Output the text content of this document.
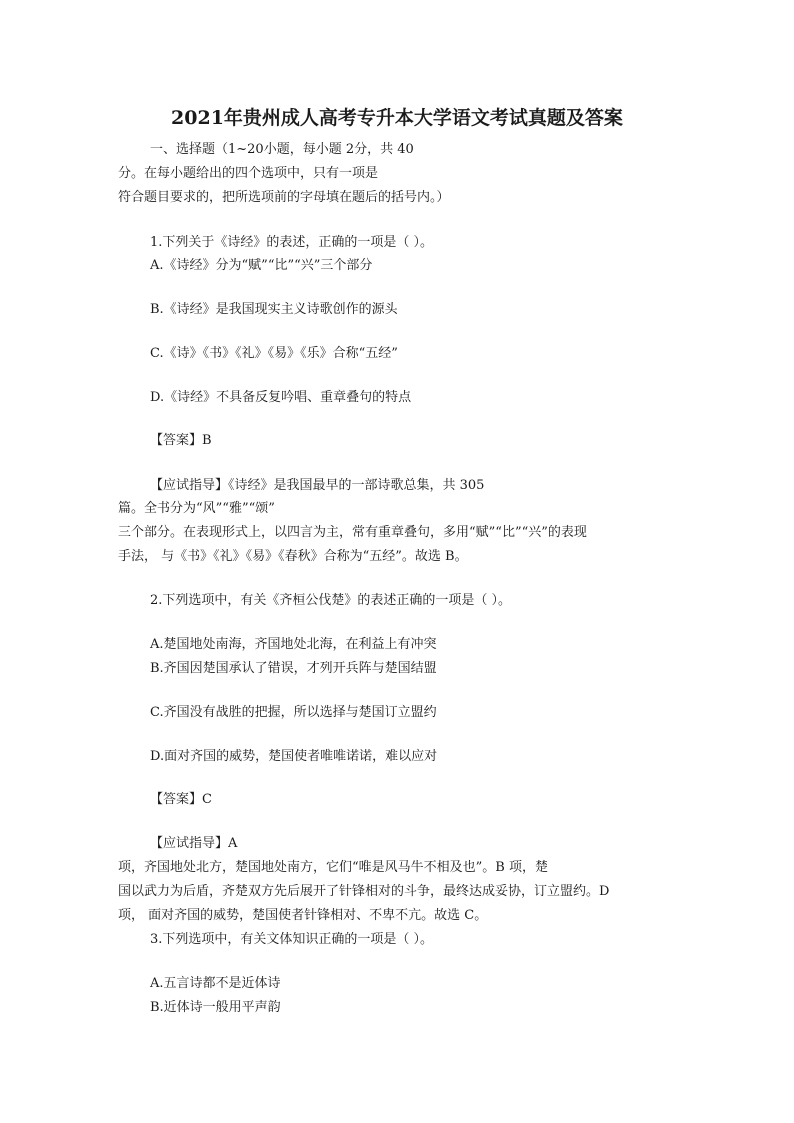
2021年贵州成人高考专升本大学语文考试真题及答案
一、选择题（1~20小题，每小题 2分，共 40
分。在每小题给出的四个选项中，只有一项是
符合题目要求的，把所选项前的字母填在题后的括号内。）
1.下列关于《诗经》的表述，正确的一项是（ ）。
A.《诗经》分为“赋”“比”“兴”三个部分
B.《诗经》是我国现实主义诗歌创作的源头
C.《诗》《书》《礼》《易》《乐》合称“五经”
D.《诗经》不具备反复吟唱、重章叠句的特点
【答案】B
【应试指导】《诗经》是我国最早的一部诗歌总集，共 305
篇。全书分为“风”“雅”“颂”
三个部分。在表现形式上，以四言为主，常有重章叠句，多用“赋”“比”“兴”的表现
手法， 与《书》《礼》《易》《春秋》合称为“五经”。故选 B。
2.下列选项中，有关《齐桓公伐楚》的表述正确的一项是（ ）。
A.楚国地处南海，齐国地处北海，在利益上有冲突
B.齐国因楚国承认了错误，才列开兵阵与楚国结盟
C.齐国没有战胜的把握，所以选择与楚国订立盟约
D.面对齐国的威势，楚国使者唯唯诺诺，难以应对
【答案】C
【应试指导】A
项，齐国地处北方，楚国地处南方，它们“唯是风马牛不相及也”。B 项，楚
国以武力为后盾，齐楚双方先后展开了针锋相对的斗争，最终达成妥协，订立盟约。D
项， 面对齐国的威势，楚国使者针锋相对、不卑不亢。故选 C。
3.下列选项中，有关文体知识正确的一项是（ ）。
A.五言诗都不是近体诗
B.近体诗一般用平声韵
